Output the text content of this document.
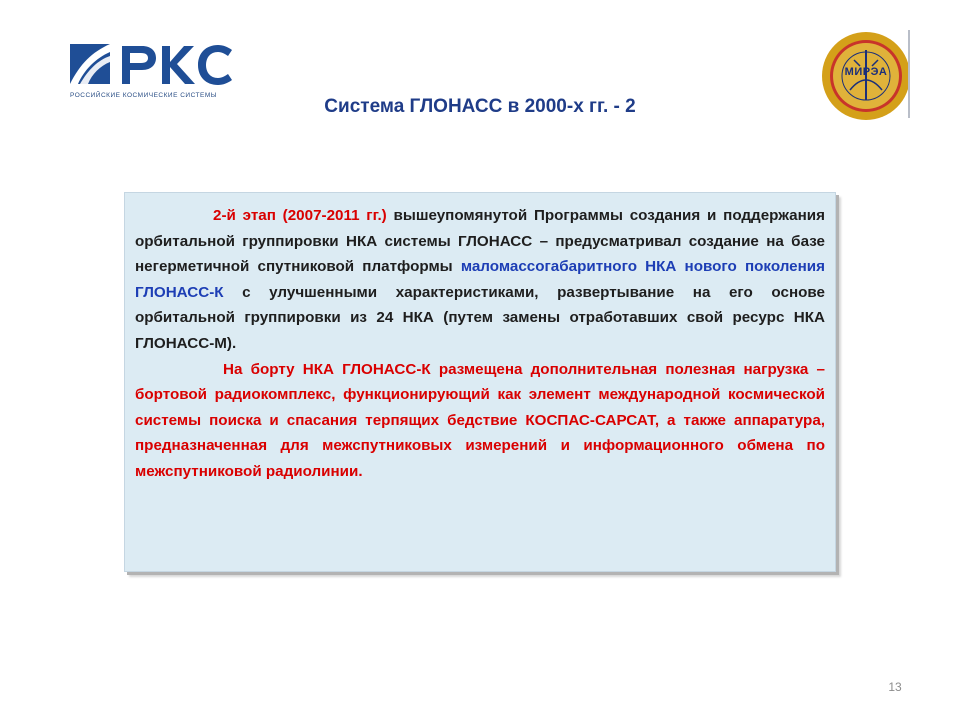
РОССИЙСКИЕ КОСМИЧЕСКИЕ СИСТЕМЫ
Система ГЛОНАСС в 2000-х гг. - 2
МИРЭА

2-й этап (2007-2011 гг.) вышеупомянутой Программы создания и поддержания орбитальной группировки НКА системы ГЛОНАСС – предусматривал создание на базе негерметичной спутниковой платформы маломассогабаритного НКА нового поколения ГЛОНАСС-К с улучшенными характеристиками, развертывание на его основе орбитальной группировки из 24 НКА (путем замены отработавших свой ресурс НКА ГЛОНАСС-М).

На борту НКА ГЛОНАСС-К размещена дополнительная полезная нагрузка – бортовой радиокомплекс, функционирующий как элемент международной космической системы поиска и спасания терпящих бедствие КОСПАС-САРСАТ, а также аппаратура, предназначенная для межспутниковых измерений и информационного обмена по межспутниковой радиолинии.

13
